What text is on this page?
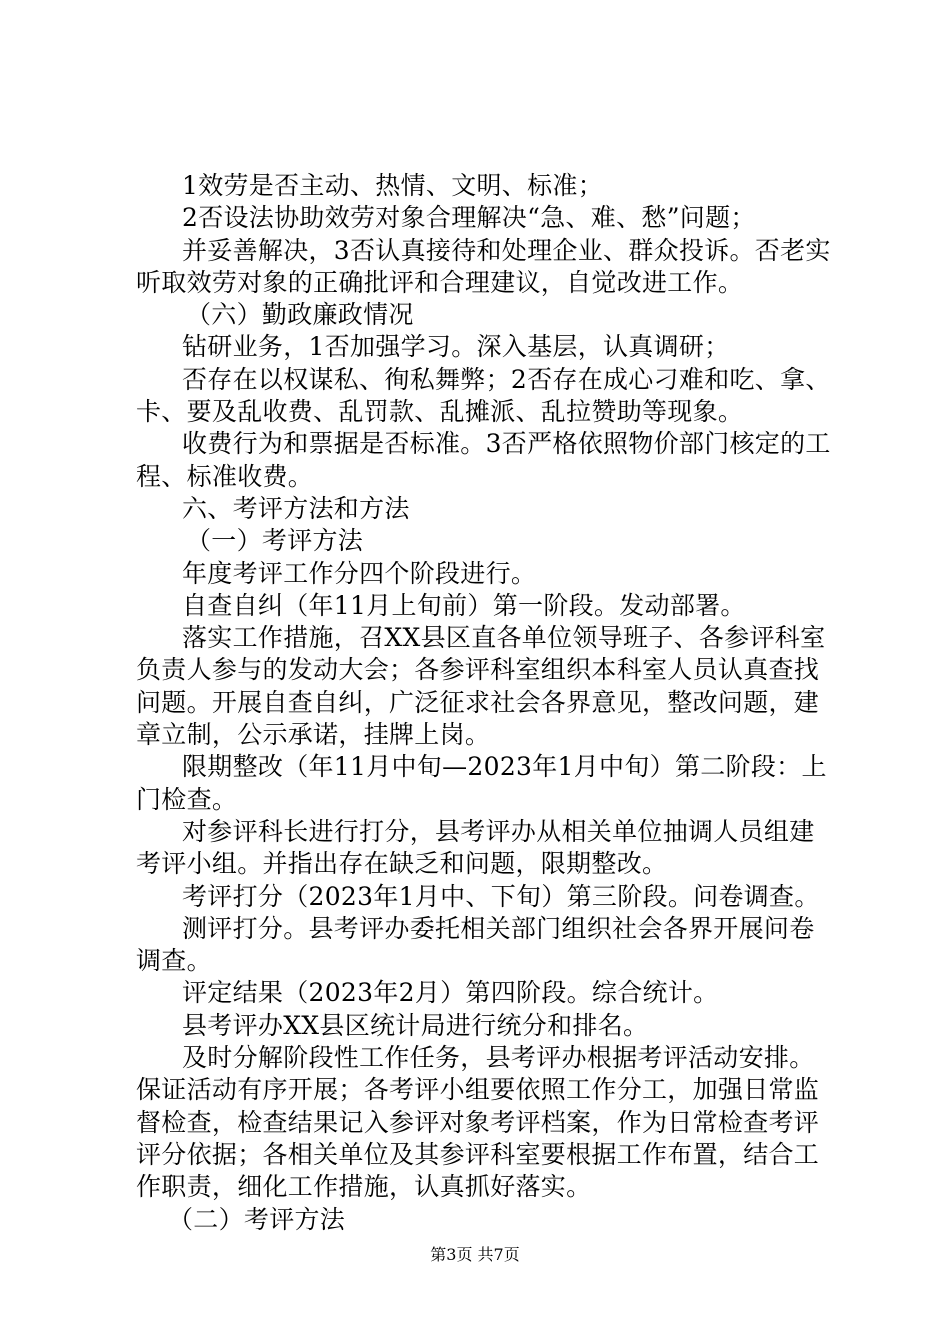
1效劳是否主动、热情、文明、标准；

2否设法协助效劳对象合理解决“急、难、愁”问题；

并妥善解决，3否认真接待和处理企业、群众投诉。否老实听取效劳对象的正确批评和合理建议，自觉改进工作。

（六）勤政廉政情况

钻研业务，1否加强学习。深入基层，认真调研；

否存在以权谋私、徇私舞弊；2否存在成心刁难和吃、拿、卡、要及乱收费、乱罚款、乱摊派、乱拉赞助等现象。

收费行为和票据是否标准。3否严格依照物价部门核定的工程、标准收费。

六、考评方法和方法

（一）考评方法

年度考评工作分四个阶段进行。

自查自纠（年11月上旬前）第一阶段。发动部署。

落实工作措施，召XX县区直各单位领导班子、各参评科室负责人参与的发动大会；各参评科室组织本科室人员认真查找问题。开展自查自纠，广泛征求社会各界意见，整改问题，建章立制，公示承诺，挂牌上岗。

限期整改（年11月中旬—2023年1月中旬）第二阶段：上门检查。

对参评科长进行打分，县考评办从相关单位抽调人员组建考评小组。并指出存在缺乏和问题，限期整改。

考评打分（2023年1月中、下旬）第三阶段。问卷调查。

测评打分。县考评办委托相关部门组织社会各界开展问卷调查。

评定结果（2023年2月）第四阶段。综合统计。

县考评办XX县区统计局进行统分和排名。

及时分解阶段性工作任务，县考评办根据考评活动安排。保证活动有序开展；各考评小组要依照工作分工，加强日常监督检查，检查结果记入参评对象考评档案，作为日常检查考评评分依据；各相关单位及其参评科室要根据工作布置，结合工作职责，细化工作措施，认真抓好落实。

（二）考评方法

第3页 共7页
